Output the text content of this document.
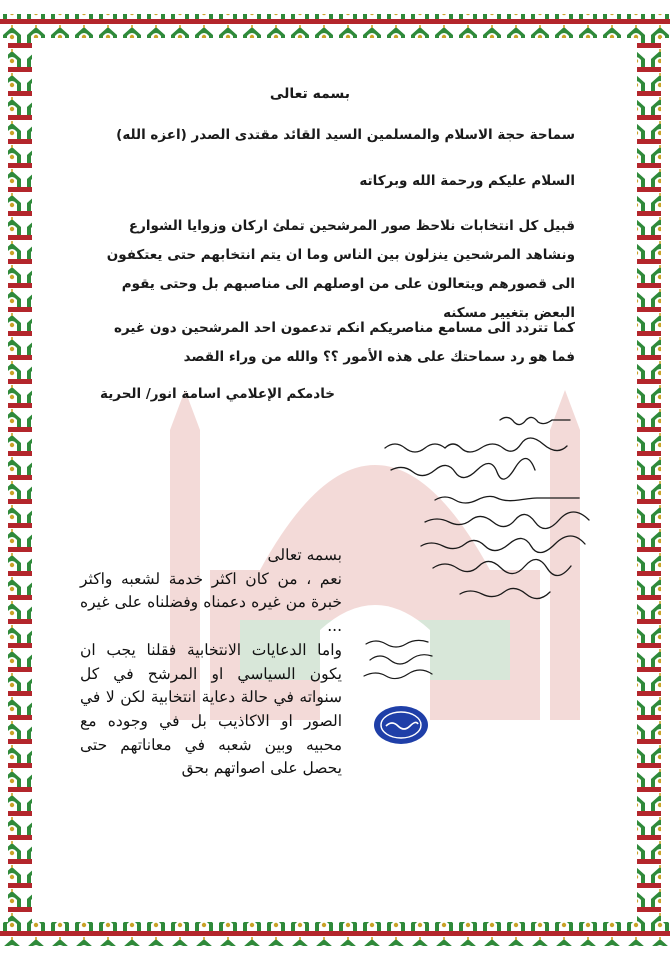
بسمه تعالى
سماحة حجة الاسلام والمسلمين السيد القائد مقتدى الصدر (اعزه الله)
السلام عليكم ورحمة الله وبركاته

قبيل كل انتخابات نلاحظ صور المرشحين تملئ اركان وزوايا الشوارع ونشاهد المرشحين ينزلون بين الناس وما ان يتم انتخابهم حتى يعتكفون الى قصورهم ويتعالون على من اوصلهم الى مناصبهم بل وحتى يقوم البعض بتغيير مسكنه

كما تتردد الى مسامع مناصريكم انكم تدعمون احد المرشحين دون غيره فما هو رد سماحتك على هذه الأمور ؟؟ والله من وراء القصد

خادمكم الإعلامي اسامة انور/ الحرية

بسمه تعالى

نعم ، من كان اكثر خدمة لشعبه واكثر خبرة من غيره دعمناه وفضلناه على غيره ...

واما الدعايات الانتخابية فقلنا يجب ان يكون السياسي او المرشح في كل سنواته في حالة دعاية انتخابية لكن لا في الصور او الاكاذيب بل في وجوده مع محبيه وبين شعبه في معاناتهم حتى يحصل على اصواتهم بحق
